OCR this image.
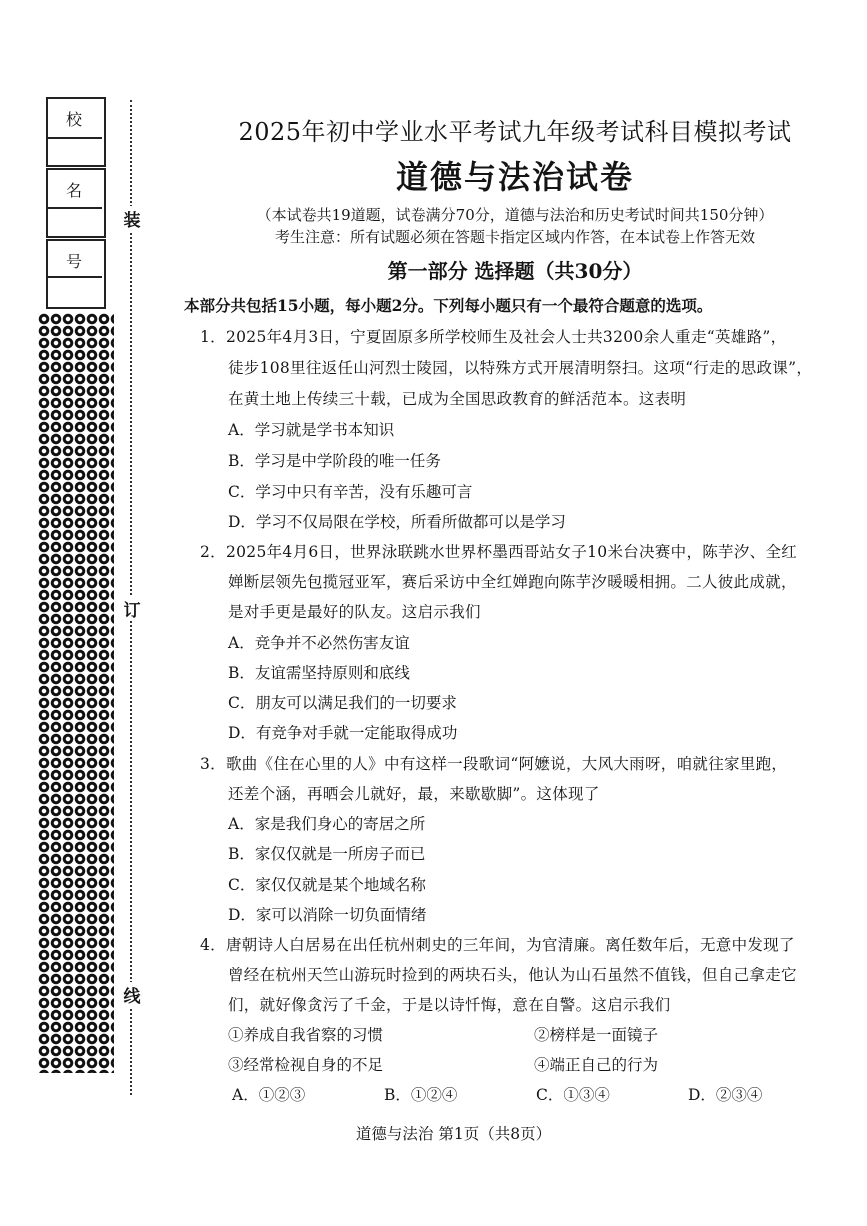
校
名
号
装
订
线
2025年初中学业水平考试九年级考试科目模拟考试
道德与法治试卷
（本试卷共19道题，试卷满分70分，道德与法治和历史考试时间共150分钟）
考生注意：所有试题必须在答题卡指定区域内作答，在本试卷上作答无效
第一部分 选择题（共30分）
本部分共包括15小题，每小题2分。下列每小题只有一个最符合题意的选项。
1．2025年4月3日，宁夏固原多所学校师生及社会人士共3200余人重走“英雄路”，
徒步108里往返任山河烈士陵园，以特殊方式开展清明祭扫。这项“行走的思政课”，
在黄土地上传续三十载，已成为全国思政教育的鲜活范本。这表明
A．学习就是学书本知识
B．学习是中学阶段的唯一任务
C．学习中只有辛苦，没有乐趣可言
D．学习不仅局限在学校，所看所做都可以是学习
2．2025年4月6日，世界泳联跳水世界杯墨西哥站女子10米台决赛中，陈芋汐、全红
婵断层领先包揽冠亚军，赛后采访中全红婵跑向陈芋汐暖暖相拥。二人彼此成就，
是对手更是最好的队友。这启示我们
A．竞争并不必然伤害友谊
B．友谊需坚持原则和底线
C．朋友可以满足我们的一切要求
D．有竞争对手就一定能取得成功
3．歌曲《住在心里的人》中有这样一段歌词“阿嬷说，大风大雨呀，咱就往家里跑，
还差个涵，再晒会儿就好，最，来歇歇脚”。这体现了
A．家是我们身心的寄居之所
B．家仅仅就是一所房子而已
C．家仅仅就是某个地域名称
D．家可以消除一切负面情绪
4．唐朝诗人白居易在出任杭州刺史的三年间，为官清廉。离任数年后，无意中发现了
曾经在杭州天竺山游玩时捡到的两块石头，他认为山石虽然不值钱，但自己拿走它
们，就好像贪污了千金，于是以诗忏悔，意在自警。这启示我们
①养成自我省察的习惯	②榜样是一面镜子
③经常检视自身的不足	④端正自己的行为
A．①②③	B．①②④	C．①③④	D．②③④
道德与法治 第1页（共8页）
